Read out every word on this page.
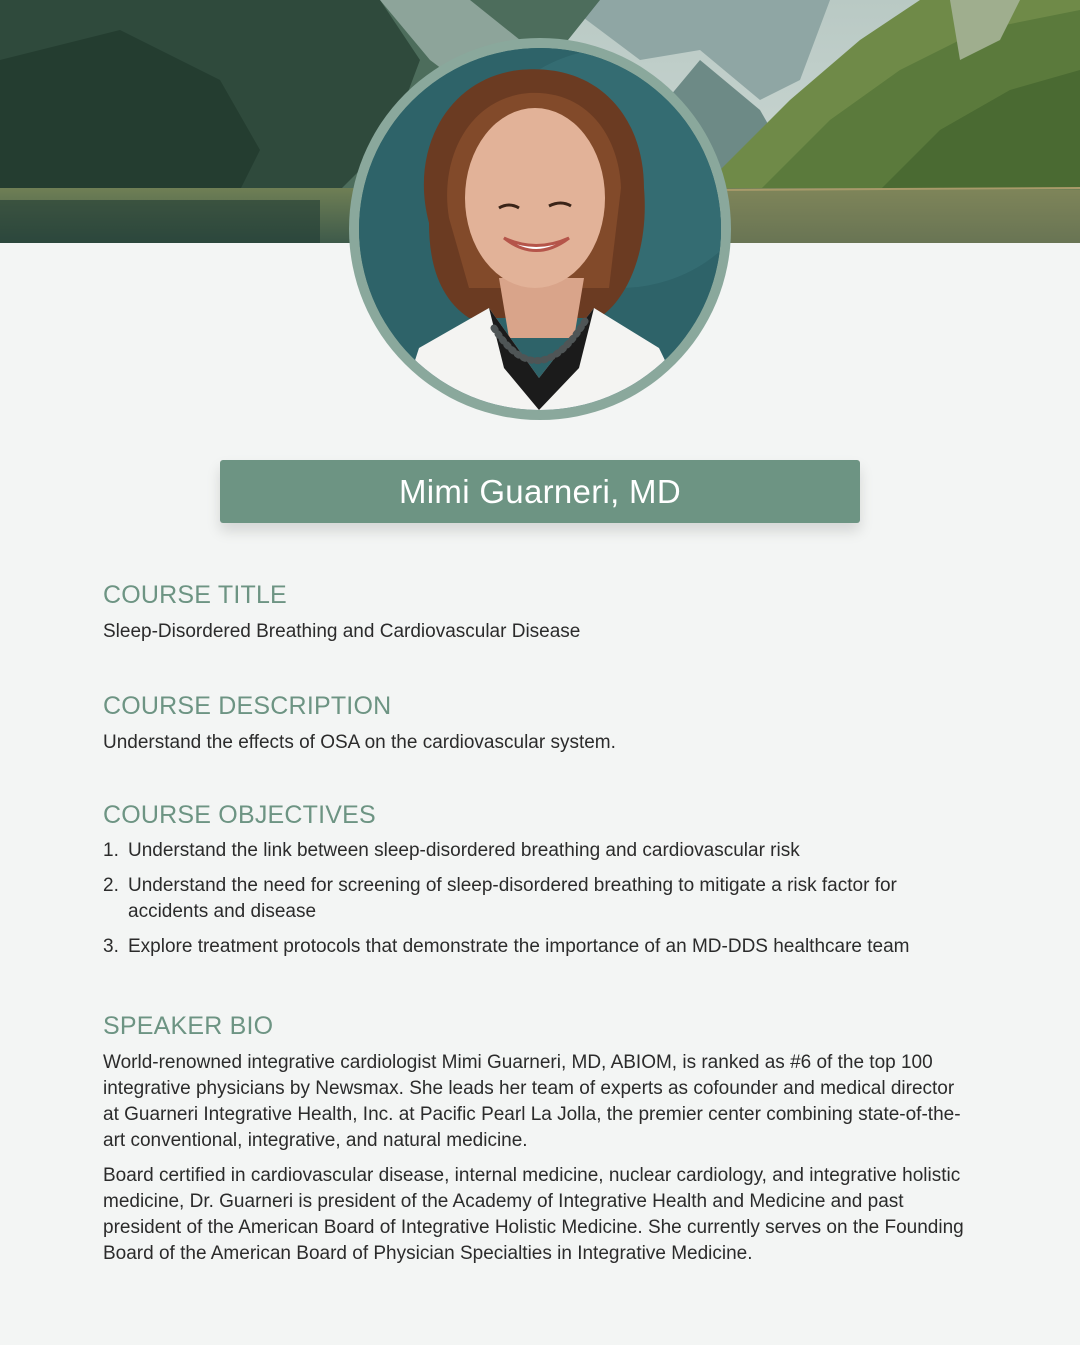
Mimi Guarneri, MD
COURSE TITLE

Sleep-Disordered Breathing and Cardiovascular Disease

COURSE DESCRIPTION

Understand the effects of OSA on the cardiovascular system.

COURSE OBJECTIVES
1. Understand the link between sleep-disordered breathing and cardiovascular risk
2. Understand the need for screening of sleep-disordered breathing to mitigate a risk factor for accidents and disease
3. Explore treatment protocols that demonstrate the importance of an MD-DDS healthcare team
SPEAKER BIO

World-renowned integrative cardiologist Mimi Guarneri, MD, ABIOM, is ranked as #6 of the top 100 integrative physicians by Newsmax. She leads her team of experts as cofounder and medical director at Guarneri Integrative Health, Inc. at Pacific Pearl La Jolla, the premier center combining state-of-the-art conventional, integrative, and natural medicine.

Board certified in cardiovascular disease, internal medicine, nuclear cardiology, and integrative holistic medicine, Dr. Guarneri is president of the Academy of Integrative Health and Medicine and past president of the American Board of Integrative Holistic Medicine. She currently serves on the Founding Board of the American Board of Physician Specialties in Integrative Medicine.
